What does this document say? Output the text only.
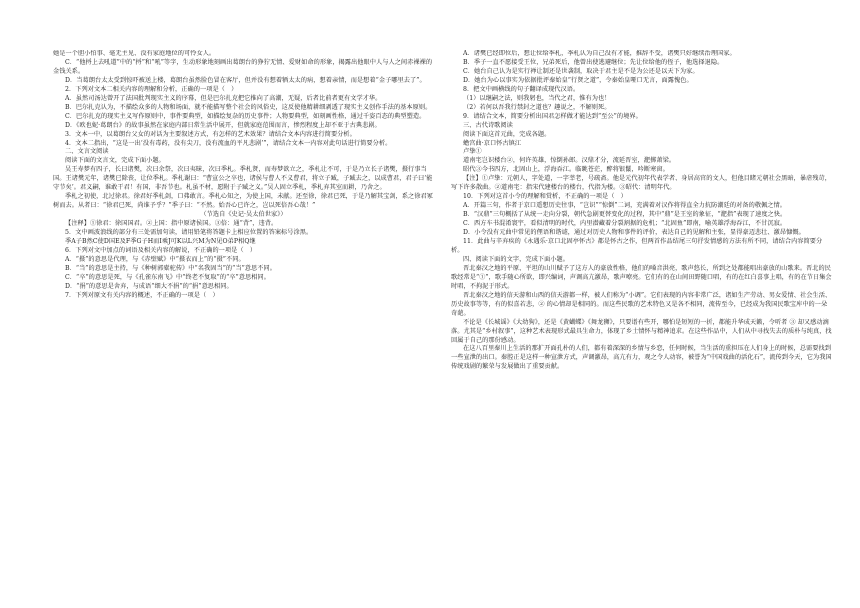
她是一个胆小怕事、毫无主见、没有家庭地位的可怜女人。

C．“他捋上去吼道”中的“捋”和“吼”等字，生动形象地刻画出葛朗台的狰狞无情、爱财如命的形象，揭露出他眼中人与人之间赤裸裸的金钱关系。

D．当葛朗台太太受到惊吓被送上楼，葛朗台虽然脸色冒在客厅，但并没有想着牺太太的病，想着亲情，而是想着“金子哪里去了”。

2．下列对文本二相关内容的理解和分析，正确的一项是（　）

A．虽然司汤达曾开了法国批判现实主义的序幕，但是巴尔扎克把它推向了高潮，无疑，后者比前者更有文学才华。

B．巴尔扎克认为，不描绘众多的人物和场面，就不能描写整个社会的风俗史，这反使他精耕细剥透了现实主义创作手法的基本原则。

C．巴尔扎克的现实主义写作原则中，事件要典型，如描绘复杂的历史事件；人物要典型，如刻画性格，通过千姿百态的典型塑造。

D．《欧也妮·葛朗台》的故事虽然在家庭内部日常生活中展开，但就家庭范围而言，惨烈程度上却不亚于古典悲剧。

3．文本一中，以葛朗台父女的对话为主要叙述方式，有怎样的艺术效果？请结合文本内容进行简要分析。

4．文本二指出，“这是一出‘没有毒药，没有尖刀，没有流血的平凡悲剧’”，请结合文本一内容对此句话进行简要分析。

二、文言文阅读

阅读下面的文言文，完成下面小题。

吴王寿梦有四子，长曰诸樊，次曰余祭，次曰夷昧，次曰季札。季札贤，而寿梦欲立之，季札让不可，于是乃立长子诸樊，摄行事当国。王诸樊元年，诸樊已除丧，让位季札。季札谢曰：“曹宣公之卒也，诸侯与曹人不义曹君，将立子臧，子臧去之，以成曹君，君子曰‘能守节矣’。君义嗣，谁敢干君！有国，非吾节也。札虽不材，愿附于子臧之义。”吴人固立季札，季札弃其室而耕，乃舍之。

季札之初使，北过徐君。徐君好季札剑，口弗敢言。季札心知之，为使上国，未献。还至徐，徐君已死，于是乃解其宝剑，系之徐君冢树而去。从者曰：“徐君已死，尚谁予乎？”季子曰：“不然。始吾心已许之，岂以死倍吾心哉！”

（节选自《史记·吴太伯世家》）

【注释】①徐君：徐国国君。②上国：指中原诸侯国。③倍：通“背”，违背。

5．文中画波浪线的部分有三处需加句读，请用铅笔将答题卡上相应位置的答案标号涂黑。

季A子B然C使D国E及F季G子H而I乘J可K以L兴M为N见O弟P相Q继

6．下列对文中加点的词语及相关内容的解说，不正确的一项是（　）

A．“摄”的意思是代理，与《赤壁赋》中“摄衣而上”的“摄”不同。

B．“当”的意思是主持，与《种树郭橐驼传》中“名我固当”的“当”意思不同。

C．“卒”的意思是死，与《孔雀东南飞》中“终老不复取”的“卒”意思相同。

D．“捐”的意思是舍弃，与成语“细大不捐”的“捐”意思相同。

7．下列对原文有关内容的概述，不正确的一项是（　）

A．诸樊已经即位后，想让位给季札，季札认为自己没有才能，推辞不受，诸樊只好继续治理国家。

B．季子一直不愿接受王位，兄弟死后，他曾出使逃避继位；先让位给他的侄子，他选择退隐。

C．她台自己认为是实行禅让制还是世袭制，取决于君主是不是为公还是以天下为家。

D．她台为心以事实为依据批评秦始皇“行贤之道”，令秦始皇哑口无言，面露愧色。

8．把文中画横线的句子翻译成现代汉语。

（1）以继嗣之法，则我躬也，当代之君，惟有为也！

（2）若何以吾我行禁封之道也？趣说之，不解则死。

9．请结合文本，简要分析出国君怎样做才能达到“至公”的境界。

三、古代诗歌阅读

阅读下面这首元曲，完成各题。

蟾宫曲·京口怀古镇江

卢挚①

道南宅岂识楼台②，何许英雄，惊倒孙郎。汉鼎才分，流延晋室，淝掷萧梁。

昭代③今书四方，北固山上，浮海吞江。临眺苍茫，醉将银鬣，吟断寒窗。

【注】①卢挚：元朝人，字处道，一字莘老，号疏斋。他是元代初年代表学者、身居高官的文人，但他目睹元朝社会黑暗，暴虐残苛，写下许多散曲。②道南宅：指宋代建楼台的楼台，代指为楼。③昭代：清明年代。

10．下列对这首小令的理解和赏析，不正确的一项是（　）

A．开篇三句，作者于京口遥想历史往事，“岂识”“惊倒”二词，充满着对汉作将得直全力抗防潮廷的对备的敬佩之情。

B．“汉鼎”三句概括了从统一走向分裂，朝代急剧更替变化的过程，其中“鼎”是王室的象征，“淝指”表现了速度之快。

C．西方车书混淆寰宇，看似清明的时代，内里潜藏着分裂割据的危机；“北固鱼”即南，喻英雄浮海吞江，不甘沉寂。

D．小令没有元曲中常见的俚语和谐谑，通过对历史人物和事件的评价，表达自己的见解和主张，显得豪迈悲壮、激昂慷慨。

11．此曲与辛弃疾的《永遇乐·京口北固亭怀古》都是怀古之作，但两首作品结尾三句抒发情感的方法有所不同，请结合内容简要分析。

四、阅读下面的文字，完成下面小题。

晋北秦汉之地的平原、平坦的山川赋予了这方人的豪放性格，他们的嗓音洪亮，歌声悠长，所到之处都能唱出豪放的山歌来。晋北的民歌经常是“①”，歌手随心所欲，即兴编词，声调高亢激昂，歌声嘹亮。它们有的在山间田野随口唱，有的在红白喜事上唱，有的在节日集会时唱，不拘泥于形式。

晋北秦汉之地的信天游和山西的信天游都一样，被人们称为“小调”。它们表现的内容非常广泛，诸如生产劳动、男女爱情、社会生活、历史故事等等，有的似喜若悲，② 的心情却是相同的。而这些民歌的艺术特色又是各不相同，流传至今，已经成为我国民歌宝库中的一朵奇葩。

不论是《长城谣》《大幼狗》，还是《黄蝴蝶》《舞龙狮》，只要谱有些开，哪怕是短短的一折，都能升华成天籁，令听者 ③ 却又感动滴落。尤其是“乡村叙事”，这种艺术表现形式最具生命力，体现了乡土情怀与精神追求。在这些作品中，人们从中寻找失去的质朴与纯真，找回属于自己的那份感动。

在这八百里秦川上生活的那扩开面孔朴的人们，都有着深深的乡情与乡恋，任何时候，当生活的重担压在人们身上的时候，总需要找到一些宣泄的出口。秦腔正是这样一种宣泄方式，声调激昂，高亢有力，观之令人动容，被誉为“中国戏曲的活化石”，流传到今天，它为我国传统戏剧的繁荣与发展做出了重要贡献。
